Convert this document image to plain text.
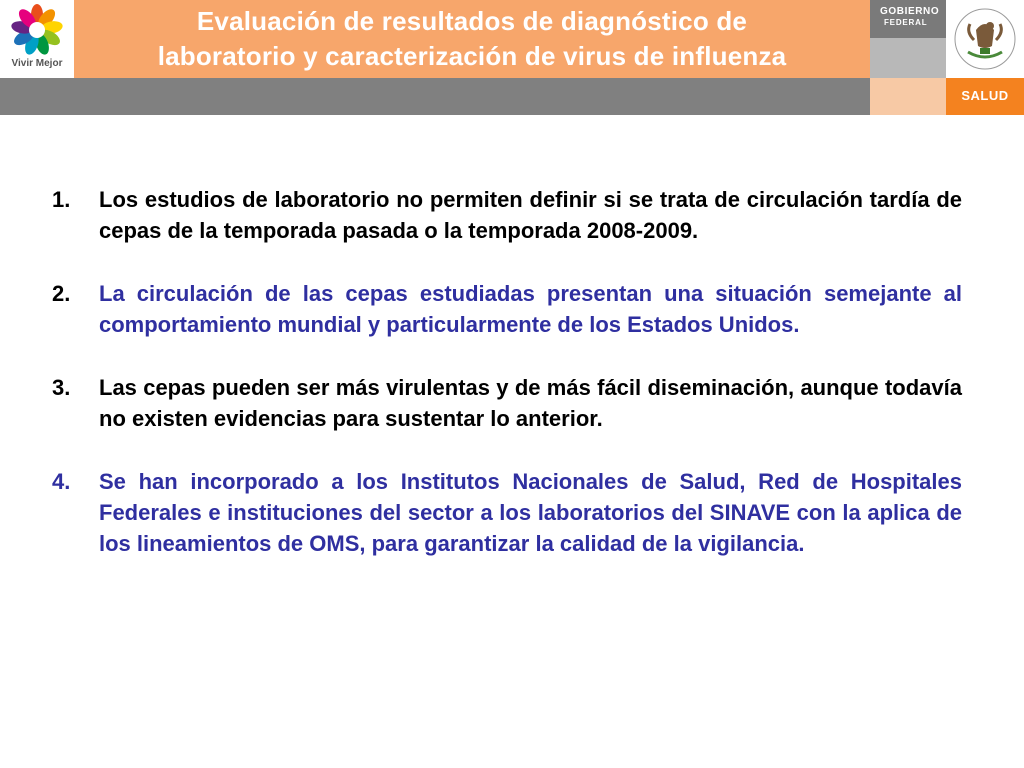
Vivir Mejor
Evaluación de resultados de diagnóstico de
laboratorio y caracterización de virus de influenza
GOBIERNO
FEDERAL
SALUD
1.	Los estudios de laboratorio no permiten definir si se trata de circulación tardía de cepas de la temporada pasada o la temporada 2008-2009.
2.	La circulación de las cepas estudiadas presentan una situación semejante al comportamiento mundial y particularmente de los Estados Unidos.
3.	Las cepas pueden ser más virulentas y de más fácil diseminación, aunque todavía no existen evidencias para sustentar lo anterior.
4.	Se han incorporado a los Institutos Nacionales de Salud, Red de Hospitales Federales e instituciones del sector a los laboratorios del SINAVE con la aplica de los lineamientos de OMS, para garantizar la calidad de la vigilancia.
